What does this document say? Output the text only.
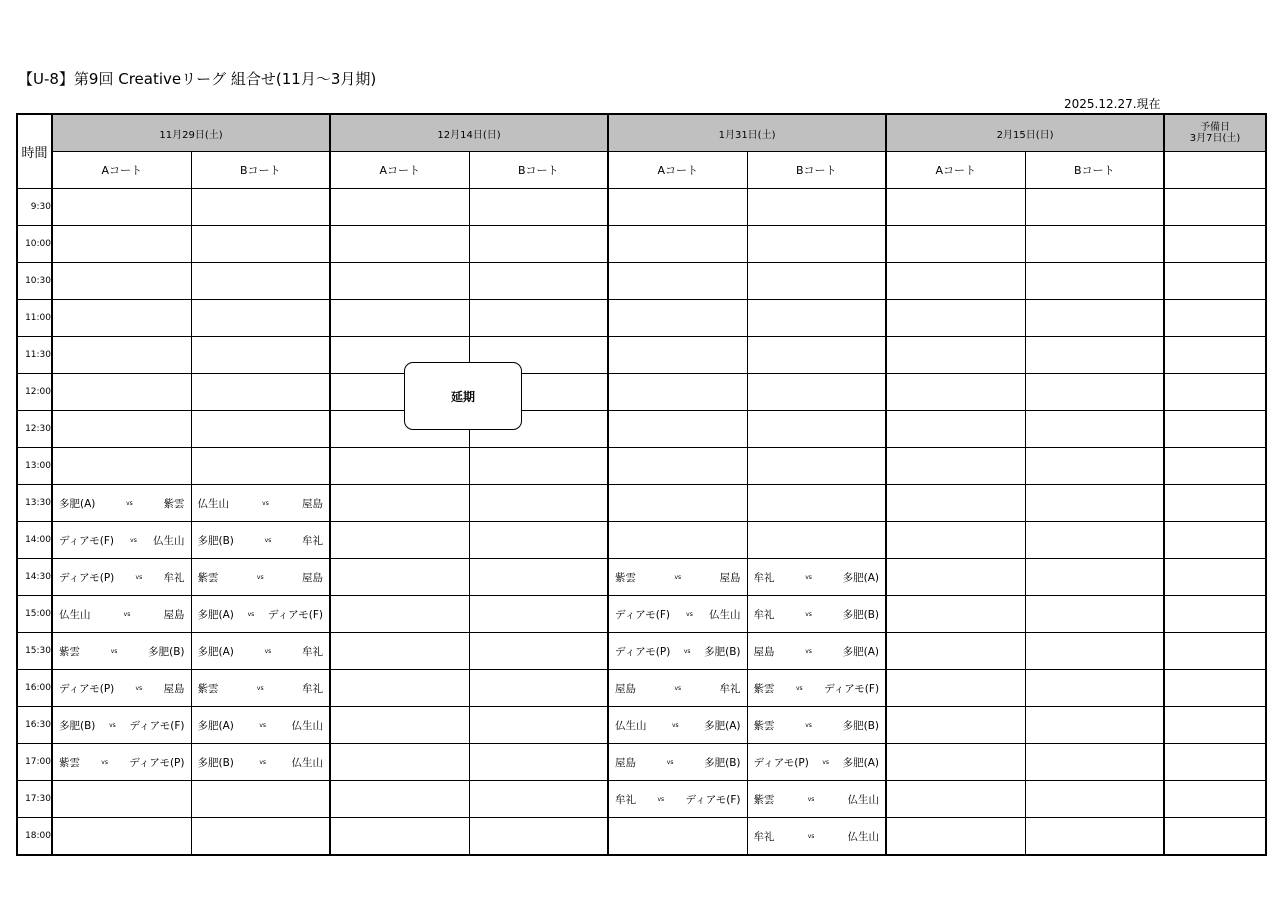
【U-8】第9回 Creativeリーグ 組合せ(11月～3月期)
2025.12.27.現在
時間	11月29日(土)		12月14日(日)		1月31日(土)		2月15日(日)		予備日
3月7日(土)
	Aコート	Bコート	Aコート	Bコート	Aコート	Bコート	Aコート	Bコート	
9:30									
10:00									
10:30									
11:00									
11:30									
12:00									
12:30									
13:00									
13:30	多肥(A) vs 紫雲	仏生山 vs 屋島							

14:00	ディアモ(F) vs 仏生山	多肥(B) vs 牟礼							

14:30	ディアモ(P) vs 牟礼	紫雲 vs 屋島			紫雲 vs 屋島	牟礼 vs 多肥(A)			

15:00	仏生山 vs 屋島	多肥(A) vs ディアモ(F)			ディアモ(F) vs 仏生山	牟礼 vs 多肥(B)			

15:30	紫雲 vs 多肥(B)	多肥(A) vs 牟礼			ディアモ(P) vs 多肥(B)	屋島 vs 多肥(A)			

16:00	ディアモ(P) vs 屋島	紫雲 vs 牟礼			屋島 vs 牟礼	紫雲 vs ディアモ(F)			

16:30	多肥(B) vs ディアモ(F)	多肥(A) vs 仏生山			仏生山 vs 多肥(A)	紫雲 vs 多肥(B)			

17:00	紫雲 vs ディアモ(P)	多肥(B) vs 仏生山			屋島 vs 多肥(B)	ディアモ(P) vs 多肥(A)			

17:30					牟礼 vs ディアモ(F)	紫雲 vs 仏生山			

18:00						牟礼 vs 仏生山			

延期
